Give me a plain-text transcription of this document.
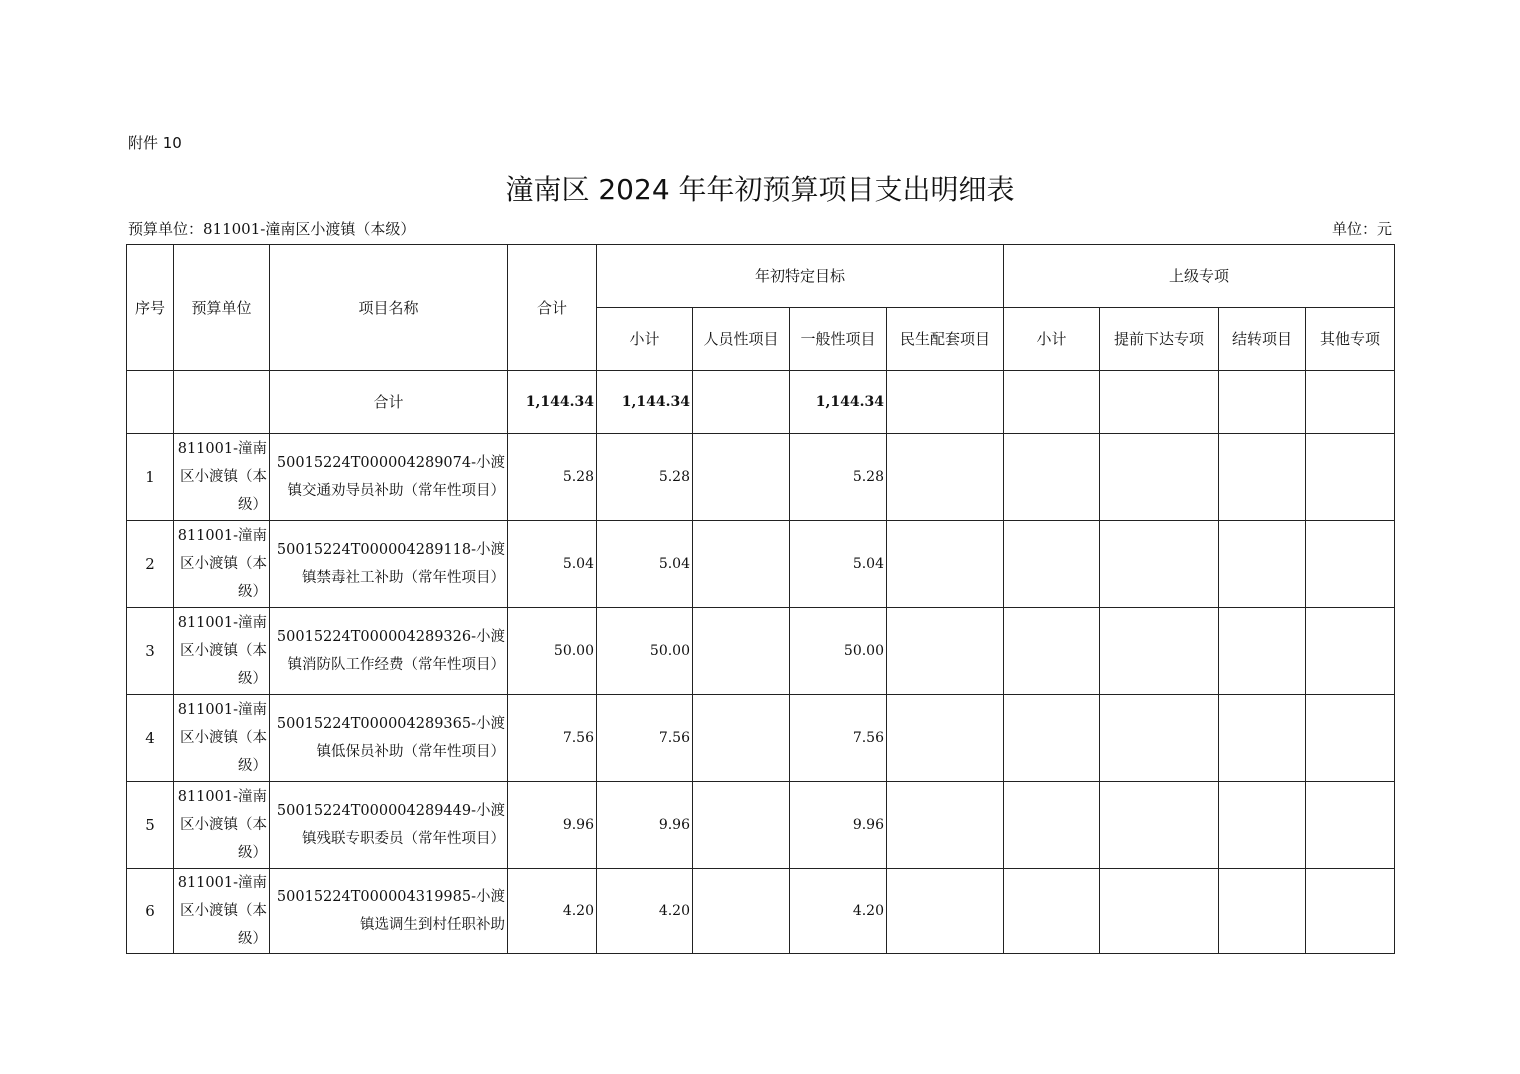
附件 10
潼南区 2024 年年初预算项目支出明细表
预算单位：811001-潼南区小渡镇（本级）	单位：元
序号	预算单位	项目名称	合计	年初特定目标				上级专项			
				小计	人员性项目	一般性项目	民生配套项目	小计	提前下达专项	结转项目	其他专项
		合计	1,144.34	1,144.34		1,144.34					
1	811001-潼南区小渡镇（本级）	50015224T000004289074-小渡镇交通劝导员补助（常年性项目）	5.28	5.28		5.28					
2	811001-潼南区小渡镇（本级）	50015224T000004289118-小渡镇禁毒社工补助（常年性项目）	5.04	5.04		5.04					
3	811001-潼南区小渡镇（本级）	50015224T000004289326-小渡镇消防队工作经费（常年性项目）	50.00	50.00		50.00					
4	811001-潼南区小渡镇（本级）	50015224T000004289365-小渡镇低保员补助（常年性项目）	7.56	7.56		7.56					
5	811001-潼南区小渡镇（本级）	50015224T000004289449-小渡镇残联专职委员（常年性项目）	9.96	9.96		9.96					
6	811001-潼南区小渡镇（本级）	50015224T000004319985-小渡镇选调生到村任职补助	4.20	4.20		4.20					
